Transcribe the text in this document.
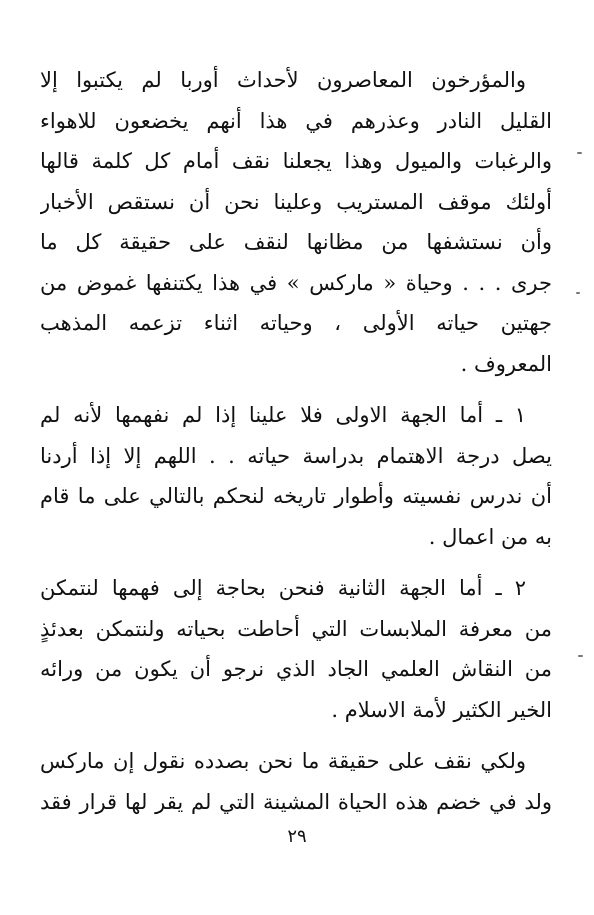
والمؤرخون المعاصرون لأحداث أوربا لم يكتبوا إلا
القليل النادر وعذرهم في هذا أنهم يخضعون للاهواء
والرغبات والميول وهذا يجعلنا نقف أمام كل كلمة قالها
أولئك موقف المستريب وعلينا نحن أن نستقص الأخبار
وأن نستشفها من مظانها لنقف على حقيقة كل ما
جرى . . . وحياة « ماركس » في هذا يكتنفها غموض من
جهتين حياته الأولى ، وحياته اثناء تزعمه المذهب
المعروف .
١ ـ أما الجهة الاولى فلا علينا إذا لم نفهمها لأنه لم
يصل درجة الاهتمام بدراسة حياته . . اللهم إلا إذا أردنا
أن ندرس نفسيته وأطوار تاريخه لنحكم بالتالي على ما قام
به من اعمال .
٢ ـ أما الجهة الثانية فنحن بحاجة إلى فهمها لنتمكن
من معرفة الملابسات التي أحاطت بحياته ولنتمكن بعدئذٍ
من النقاش العلمي الجاد الذي نرجو أن يكون من ورائه
الخير الكثير لأمة الاسلام .
ولكي نقف على حقيقة ما نحن بصدده نقول إن ماركس
ولد في خضم هذه الحياة المشينة التي لم يقر لها قرار فقد
٢٩
